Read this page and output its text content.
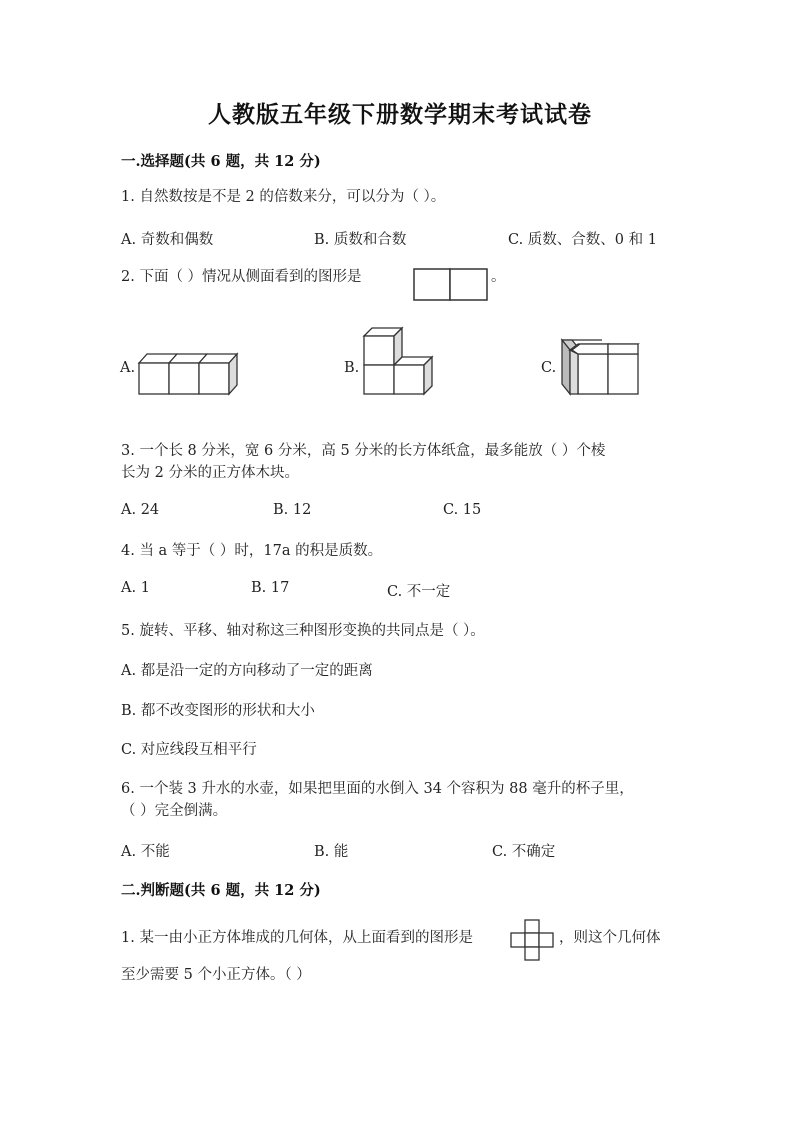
人教版五年级下册数学期末考试试卷
一.选择题(共 6 题，共 12 分)
1. 自然数按是不是 2 的倍数来分，可以分为（ ）。
A. 奇数和偶数	B. 质数和合数	C. 质数、合数、0 和 1
2. 下面（ ）情况从侧面看到的图形是	。
A.	B.	C.
3. 一个长 8 分米，宽 6 分米，高 5 分米的长方体纸盒，最多能放（ ）个棱
长为 2 分米的正方体木块。
A. 24	B. 12	C. 15
4. 当 a 等于（ ）时，17a 的积是质数。
A. 1	B. 17	C. 不一定
5. 旋转、平移、轴对称这三种图形变换的共同点是（ ）。
A. 都是沿一定的方向移动了一定的距离
B. 都不改变图形的形状和大小
C. 对应线段互相平行
6. 一个装 3 升水的水壶，如果把里面的水倒入 34 个容积为 88 毫升的杯子里，
（ ）完全倒满。
A. 不能	B. 能	C. 不确定
二.判断题(共 6 题，共 12 分)
1. 某一由小正方体堆成的几何体，从上面看到的图形是	，则这个几何体
至少需要 5 个小正方体。（ ）
